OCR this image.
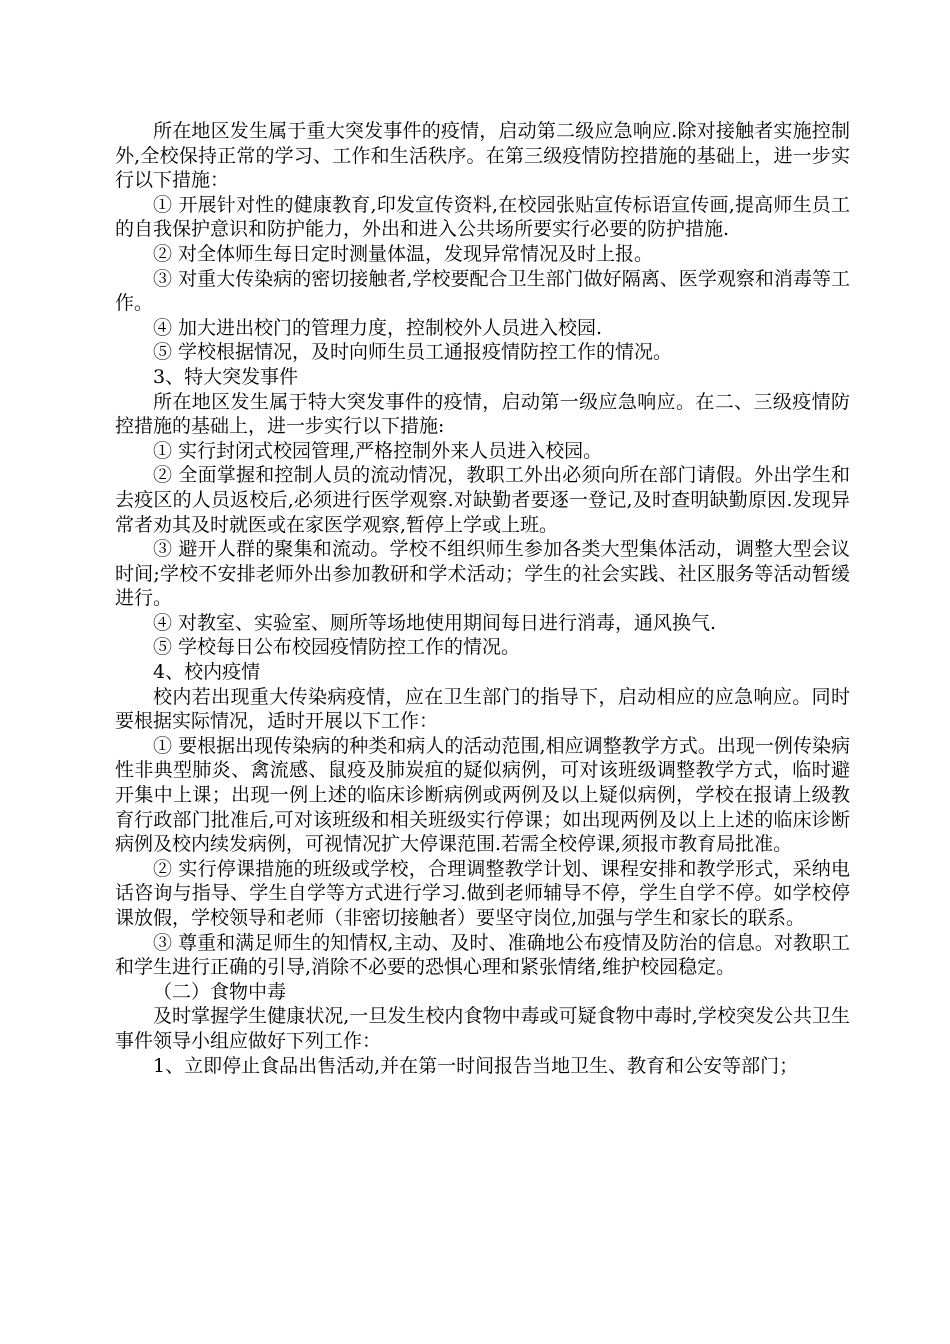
所在地区发生属于重大突发事件的疫情，启动第二级应急响应.除对接触者实施控制外,全校保持正常的学习、工作和生活秩序。在第三级疫情防控措施的基础上，进一步实行以下措施：

① 开展针对性的健康教育,印发宣传资料,在校园张贴宣传标语宣传画,提高师生员工的自我保护意识和防护能力，外出和进入公共场所要实行必要的防护措施.

② 对全体师生每日定时测量体温，发现异常情况及时上报。

③ 对重大传染病的密切接触者,学校要配合卫生部门做好隔离、医学观察和消毒等工作。

④ 加大进出校门的管理力度，控制校外人员进入校园.

⑤ 学校根据情况，及时向师生员工通报疫情防控工作的情况。

3、特大突发事件

所在地区发生属于特大突发事件的疫情，启动第一级应急响应。在二、三级疫情防控措施的基础上，进一步实行以下措施:

① 实行封闭式校园管理,严格控制外来人员进入校园。

② 全面掌握和控制人员的流动情况，教职工外出必须向所在部门请假。外出学生和去疫区的人员返校后,必须进行医学观察.对缺勤者要逐一登记,及时查明缺勤原因.发现异常者劝其及时就医或在家医学观察,暂停上学或上班。

③ 避开人群的聚集和流动。学校不组织师生参加各类大型集体活动，调整大型会议时间;学校不安排老师外出参加教研和学术活动；学生的社会实践、社区服务等活动暂缓进行。

④ 对教室、实验室、厕所等场地使用期间每日进行消毒，通风换气.

⑤ 学校每日公布校园疫情防控工作的情况。

4、校内疫情

校内若出现重大传染病疫情，应在卫生部门的指导下，启动相应的应急响应。同时要根据实际情况，适时开展以下工作：

① 要根据出现传染病的种类和病人的活动范围,相应调整教学方式。出现一例传染病性非典型肺炎、禽流感、鼠疫及肺炭疽的疑似病例，可对该班级调整教学方式，临时避开集中上课；出现一例上述的临床诊断病例或两例及以上疑似病例，学校在报请上级教育行政部门批准后,可对该班级和相关班级实行停课；如出现两例及以上上述的临床诊断病例及校内续发病例，可视情况扩大停课范围.若需全校停课,须报市教育局批准。

② 实行停课措施的班级或学校，合理调整教学计划、课程安排和教学形式，采纳电话咨询与指导、学生自学等方式进行学习.做到老师辅导不停，学生自学不停。如学校停课放假，学校领导和老师（非密切接触者）要坚守岗位,加强与学生和家长的联系。

③ 尊重和满足师生的知情权,主动、及时、准确地公布疫情及防治的信息。对教职工和学生进行正确的引导,消除不必要的恐惧心理和紧张情绪,维护校园稳定。

（二）食物中毒

及时掌握学生健康状况,一旦发生校内食物中毒或可疑食物中毒时,学校突发公共卫生事件领导小组应做好下列工作：

1、立即停止食品出售活动,并在第一时间报告当地卫生、教育和公安等部门；
